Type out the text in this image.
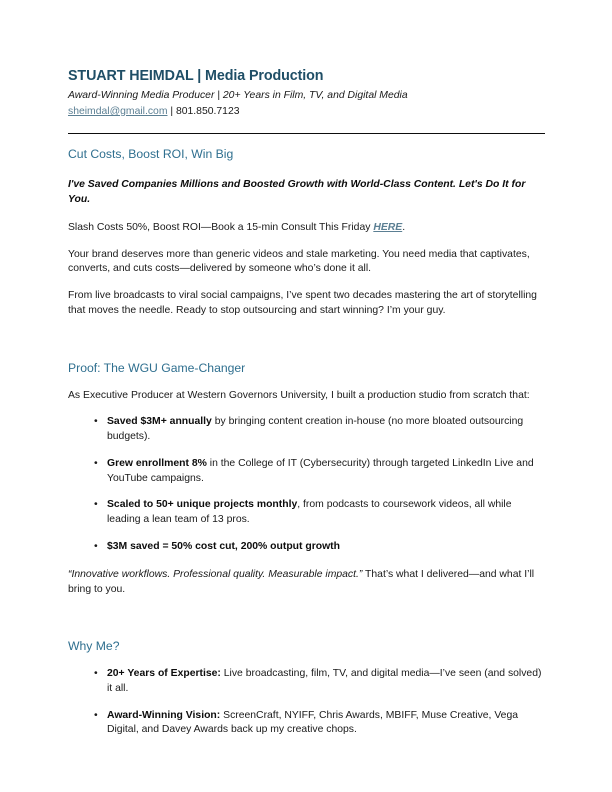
STUART HEIMDAL | Media Production
Award-Winning Media Producer | 20+ Years in Film, TV, and Digital Media
sheimdal@gmail.com | 801.850.7123
Cut Costs, Boost ROI, Win Big

I've Saved Companies Millions and Boosted Growth with World-Class Content. Let's Do It for You.

Slash Costs 50%, Boost ROI—Book a 15-min Consult This Friday HERE.

Your brand deserves more than generic videos and stale marketing. You need media that captivates, converts, and cuts costs—delivered by someone who’s done it all.

From live broadcasts to viral social campaigns, I’ve spent two decades mastering the art of storytelling that moves the needle. Ready to stop outsourcing and start winning? I’m your guy.

Proof: The WGU Game-Changer

As Executive Producer at Western Governors University, I built a production studio from scratch that:

• Saved $3M+ annually by bringing content creation in-house (no more bloated outsourcing budgets).
• Grew enrollment 8% in the College of IT (Cybersecurity) through targeted LinkedIn Live and YouTube campaigns.
• Scaled to 50+ unique projects monthly, from podcasts to coursework videos, all while leading a lean team of 13 pros.
• $3M saved = 50% cost cut, 200% output growth

“Innovative workflows. Professional quality. Measurable impact.” That’s what I delivered—and what I’ll bring to you.

Why Me?
• 20+ Years of Expertise: Live broadcasting, film, TV, and digital media—I’ve seen (and solved) it all.
• Award-Winning Vision: ScreenCraft, NYIFF, Chris Awards, MBIFF, Muse Creative, Vega Digital, and Davey Awards back up my creative chops.
